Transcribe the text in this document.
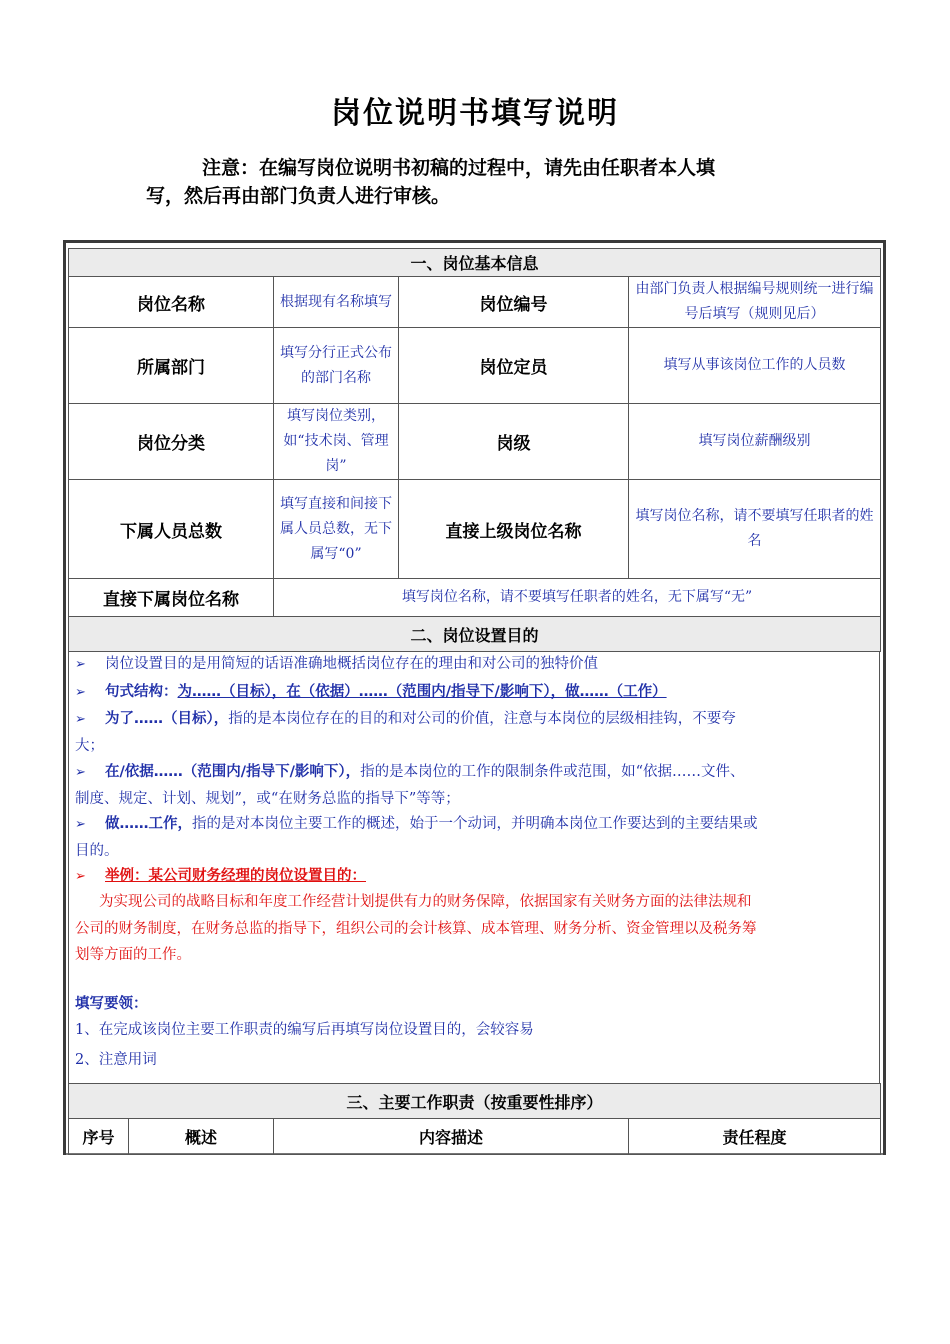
岗位说明书填写说明
注意：在编写岗位说明书初稿的过程中，请先由任职者本人填
写，然后再由部门负责人进行审核。
一、岗位基本信息			
岗位名称	根据现有名称填写	岗位编号	由部门负责人根据编号规则统一进行编号后填写（规则见后）
所属部门	填写分行正式公布的部门名称	岗位定员	填写从事该岗位工作的人员数
岗位分类	填写岗位类别，如“技术岗、管理岗”	岗级	填写岗位薪酬级别
下属人员总数	填写直接和间接下属人员总数，无下属写“0”	直接上级岗位名称	填写岗位名称，请不要填写任职者的姓名
直接下属岗位名称	填写岗位名称，请不要填写任职者的姓名，无下属写“无”		
二、岗位设置目的			
➢ 岗位设置目的是用简短的话语准确地概括岗位存在的理由和对公司的独特价值
➢ 句式结构：为……（目标），在（依据）……（范围内/指导下/影响下），做……（工作）
➢ 为了……（目标），指的是本岗位存在的目的和对公司的价值，注意与本岗位的层级相挂钩，不要夸
大；
➢ 在/依据……（范围内/指导下/影响下），指的是本岗位的工作的限制条件或范围，如“依据……文件、
制度、规定、计划、规划”，或“在财务总监的指导下”等等；
➢ 做……工作，指的是对本岗位主要工作的概述，始于一个动词，并明确本岗位工作要达到的主要结果或
目的。
➢ 举例：某公司财务经理的岗位设置目的：
为实现公司的战略目标和年度工作经营计划提供有力的财务保障，依据国家有关财务方面的法律法规和
公司的财务制度，在财务总监的指导下，组织公司的会计核算、成本管理、财务分析、资金管理以及税务筹
划等方面的工作。
填写要领：
1、在完成该岗位主要工作职责的编写后再填写岗位设置目的，会较容易
2、注意用词
三、主要工作职责（按重要性排序）
序号	概述	内容描述	责任程度
